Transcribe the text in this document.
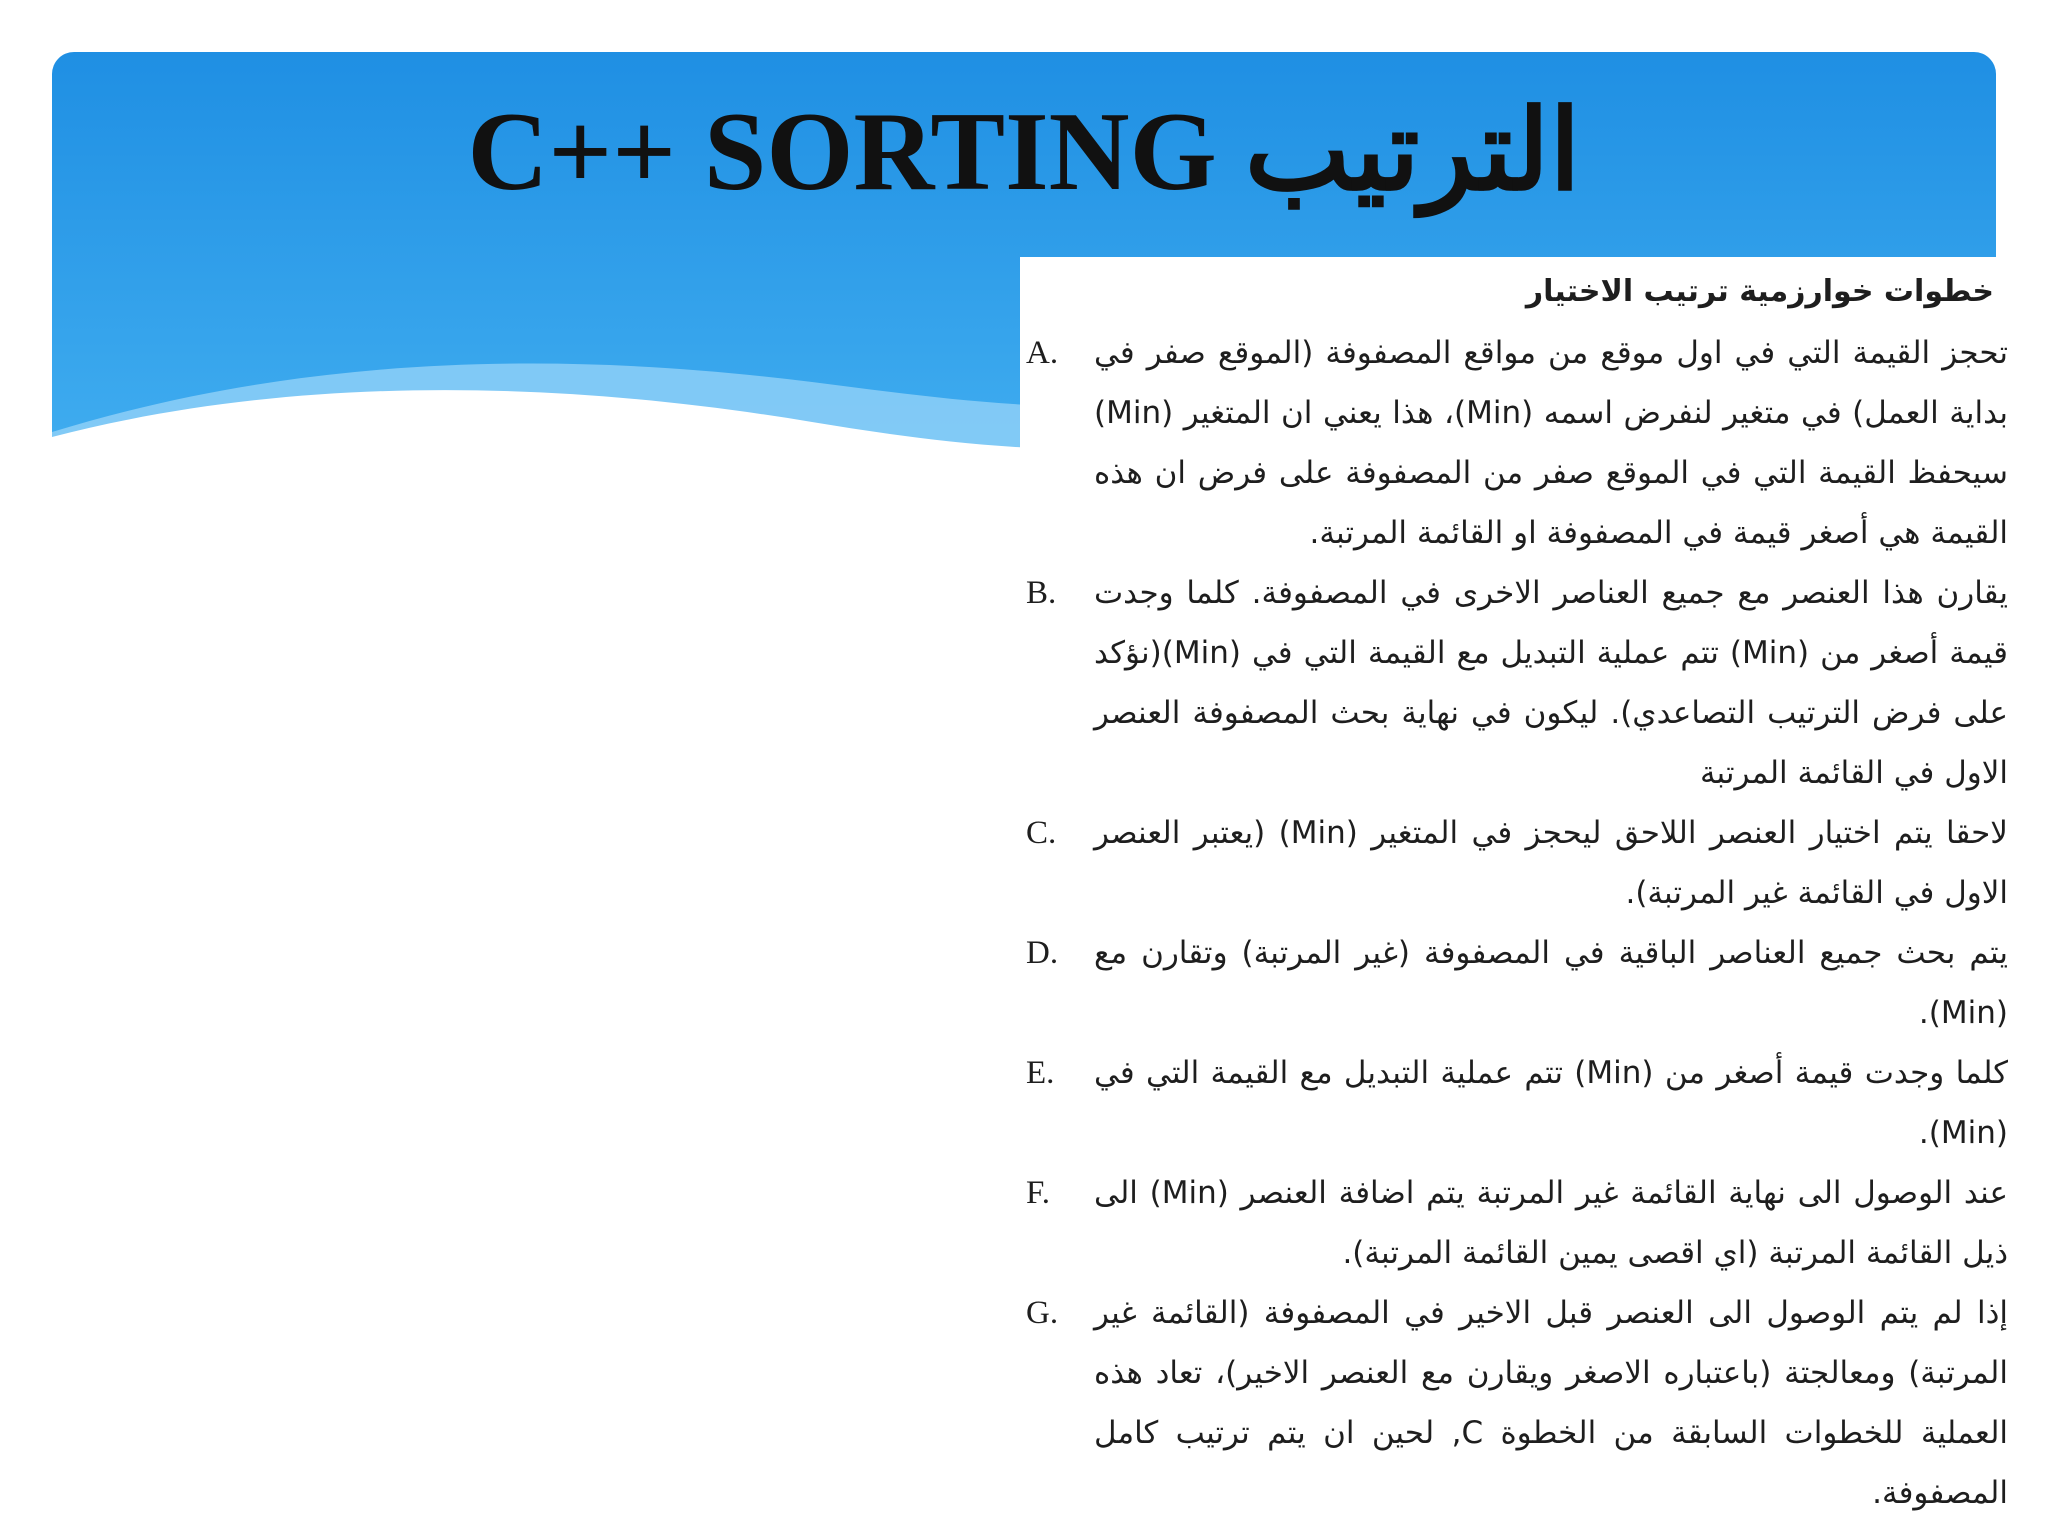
C++ SORTING الترتيب
خطوات خوارزمية ترتيب الاختيار
تحجز القيمة التي في اول موقع من مواقع المصفوفة (الموقع صفر في بداية العمل) في متغير لنفرض اسمه (Min)، هذا يعني ان المتغير (Min) سيحفظ القيمة التي في الموقع صفر من المصفوفة على فرض ان هذه القيمة هي أصغر قيمة في المصفوفة او القائمة المرتبة.
A.
يقارن هذا العنصر مع جميع العناصر الاخرى في المصفوفة. كلما وجدت قيمة أصغر من (Min) تتم عملية التبديل مع القيمة التي في (Min)(نؤكد على فرض الترتيب التصاعدي). ليكون في نهاية بحث المصفوفة العنصر الاول في القائمة المرتبة
B.
لاحقا يتم اختيار العنصر اللاحق ليحجز في المتغير (Min) (يعتبر العنصر الاول في القائمة غير المرتبة).
C.
يتم بحث جميع العناصر الباقية في المصفوفة (غير المرتبة) وتقارن مع (Min).
D.
كلما وجدت قيمة أصغر من (Min) تتم عملية التبديل مع القيمة التي في (Min).
E.
عند الوصول الى نهاية القائمة غير المرتبة يتم اضافة العنصر (Min) الى ذيل القائمة المرتبة (اي اقصى يمين القائمة المرتبة).
F.
إذا لم يتم الوصول الى العنصر قبل الاخير في المصفوفة (القائمة غير المرتبة) ومعالجتة (باعتباره الاصغر ويقارن مع العنصر الاخير)، تعاد هذه العملية للخطوات السابقة من الخطوة C, لحين ان يتم ترتيب كامل المصفوفة.
G.
